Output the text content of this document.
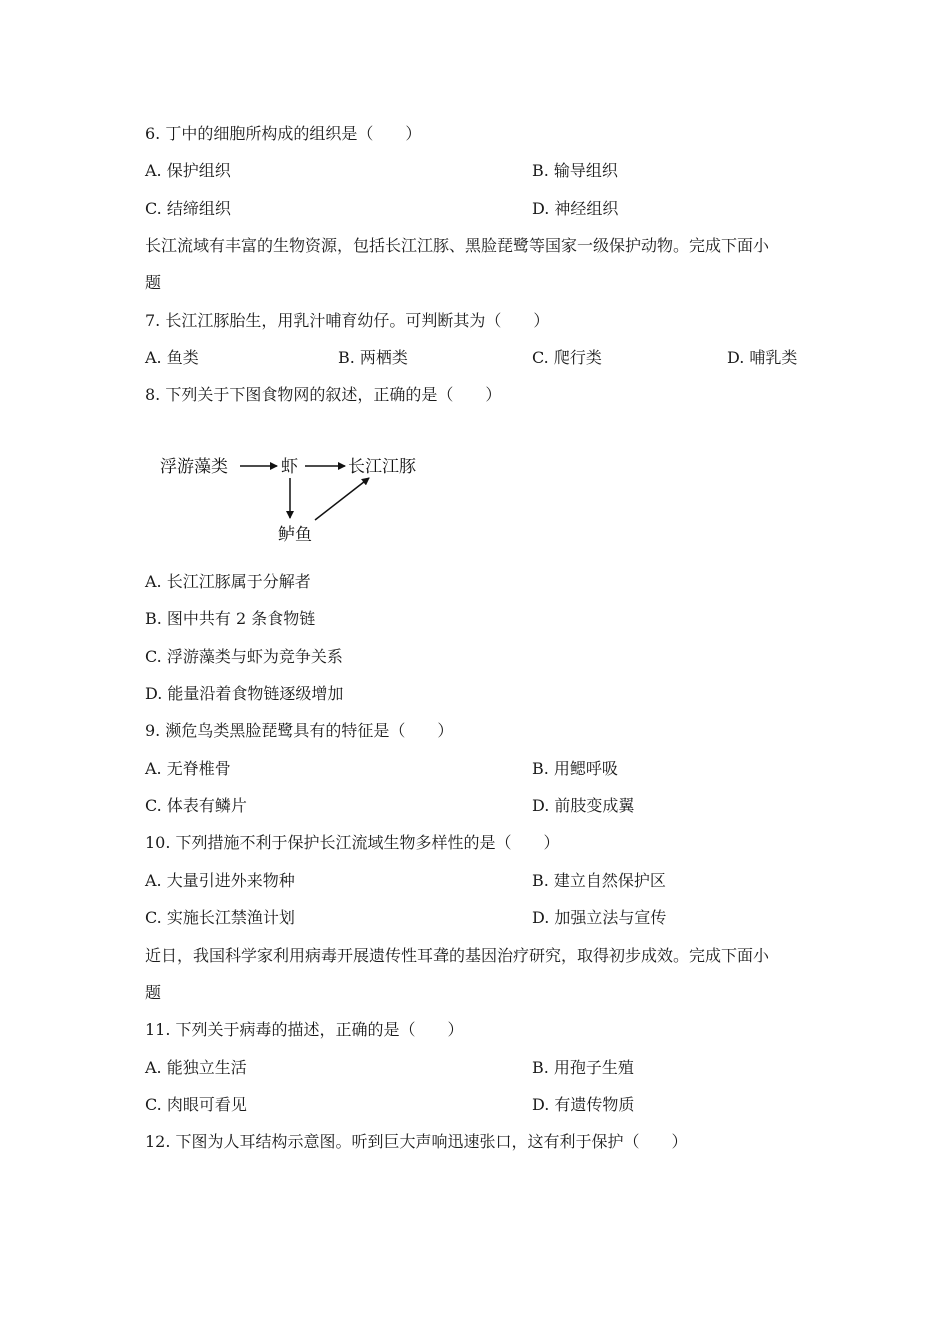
6. 丁中的细胞所构成的组织是（　　）
A. 保护组织	B. 输导组织
C. 结缔组织	D. 神经组织
长江流域有丰富的生物资源，包括长江江豚、黑脸琵鹭等国家一级保护动物。完成下面小
题
7. 长江江豚胎生，用乳汁哺育幼仔。可判断其为（　　）
A. 鱼类	B. 两栖类	C. 爬行类	D. 哺乳类
8. 下列关于下图食物网的叙述，正确的是（　　）
浮游藻类	虾	长江江豚
鲈鱼
A. 长江江豚属于分解者
B. 图中共有 2 条食物链
C. 浮游藻类与虾为竞争关系
D. 能量沿着食物链逐级增加
9. 濒危鸟类黑脸琵鹭具有的特征是（　　）
A. 无脊椎骨	B. 用鳃呼吸
C. 体表有鳞片	D. 前肢变成翼
10. 下列措施不利于保护长江流域生物多样性的是（　　）
A. 大量引进外来物种	B. 建立自然保护区
C. 实施长江禁渔计划	D. 加强立法与宣传
近日，我国科学家利用病毒开展遗传性耳聋的基因治疗研究，取得初步成效。完成下面小
题
11. 下列关于病毒的描述，正确的是（　　）
A. 能独立生活	B. 用孢子生殖
C. 肉眼可看见	D. 有遗传物质
12. 下图为人耳结构示意图。听到巨大声响迅速张口，这有利于保护（　　）
